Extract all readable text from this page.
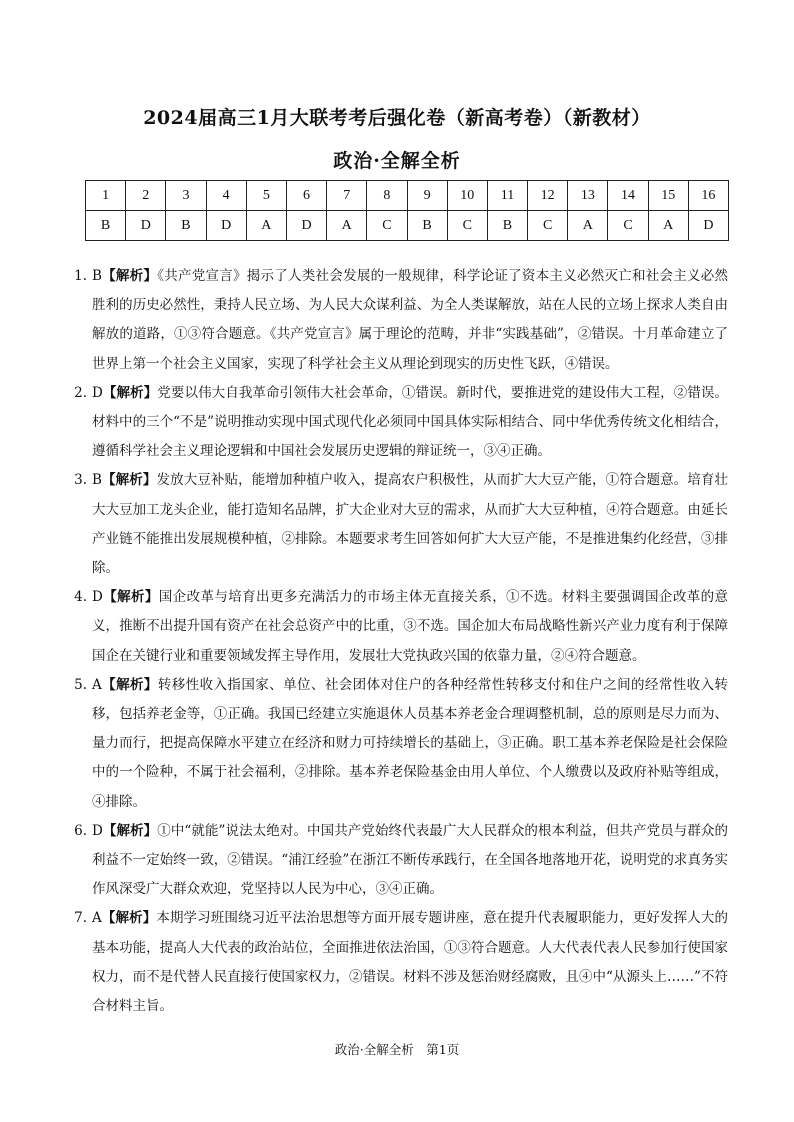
2024届高三1月大联考考后强化卷（新高考卷）（新教材）
政治·全解全析
1	2	3	4	5	6	7	8	9	10	11	12	13	14	15	16
B	D	B	D	A	D	A	C	B	C	B	C	A	C	A	D
1. B【解析】《共产党宣言》揭示了人类社会发展的一般规律，科学论证了资本主义必然灭亡和社会主义必然胜利的历史必然性，秉持人民立场、为人民大众谋利益、为全人类谋解放，站在人民的立场上探求人类自由解放的道路，①③符合题意。《共产党宣言》属于理论的范畴，并非“实践基础”，②错误。十月革命建立了世界上第一个社会主义国家，实现了科学社会主义从理论到现实的历史性飞跃，④错误。
2. D【解析】党要以伟大自我革命引领伟大社会革命，①错误。新时代，要推进党的建设伟大工程，②错误。材料中的三个“不是”说明推动实现中国式现代化必须同中国具体实际相结合、同中华优秀传统文化相结合，遵循科学社会主义理论逻辑和中国社会发展历史逻辑的辩证统一，③④正确。
3. B【解析】发放大豆补贴，能增加种植户收入，提高农户积极性，从而扩大大豆产能，①符合题意。培育壮大大豆加工龙头企业，能打造知名品牌，扩大企业对大豆的需求，从而扩大大豆种植，④符合题意。由延长产业链不能推出发展规模种植，②排除。本题要求考生回答如何扩大大豆产能，不是推进集约化经营，③排除。
4. D【解析】国企改革与培育出更多充满活力的市场主体无直接关系，①不选。材料主要强调国企改革的意义，推断不出提升国有资产在社会总资产中的比重，③不选。国企加大布局战略性新兴产业力度有利于保障国企在关键行业和重要领域发挥主导作用，发展壮大党执政兴国的依靠力量，②④符合题意。
5. A【解析】转移性收入指国家、单位、社会团体对住户的各种经常性转移支付和住户之间的经常性收入转移，包括养老金等，①正确。我国已经建立实施退休人员基本养老金合理调整机制，总的原则是尽力而为、量力而行，把提高保障水平建立在经济和财力可持续增长的基础上，③正确。职工基本养老保险是社会保险中的一个险种，不属于社会福利，②排除。基本养老保险基金由用人单位、个人缴费以及政府补贴等组成，④排除。
6. D【解析】①中“就能”说法太绝对。中国共产党始终代表最广大人民群众的根本利益，但共产党员与群众的利益不一定始终一致，②错误。“浦江经验”在浙江不断传承践行，在全国各地落地开花，说明党的求真务实作风深受广大群众欢迎，党坚持以人民为中心，③④正确。
7. A【解析】本期学习班围绕习近平法治思想等方面开展专题讲座，意在提升代表履职能力，更好发挥人大的基本功能，提高人大代表的政治站位，全面推进依法治国，①③符合题意。人大代表代表人民参加行使国家权力，而不是代替人民直接行使国家权力，②错误。材料不涉及惩治财经腐败，且④中“从源头上……”不符合材料主旨。
政治·全解全析　第1页
